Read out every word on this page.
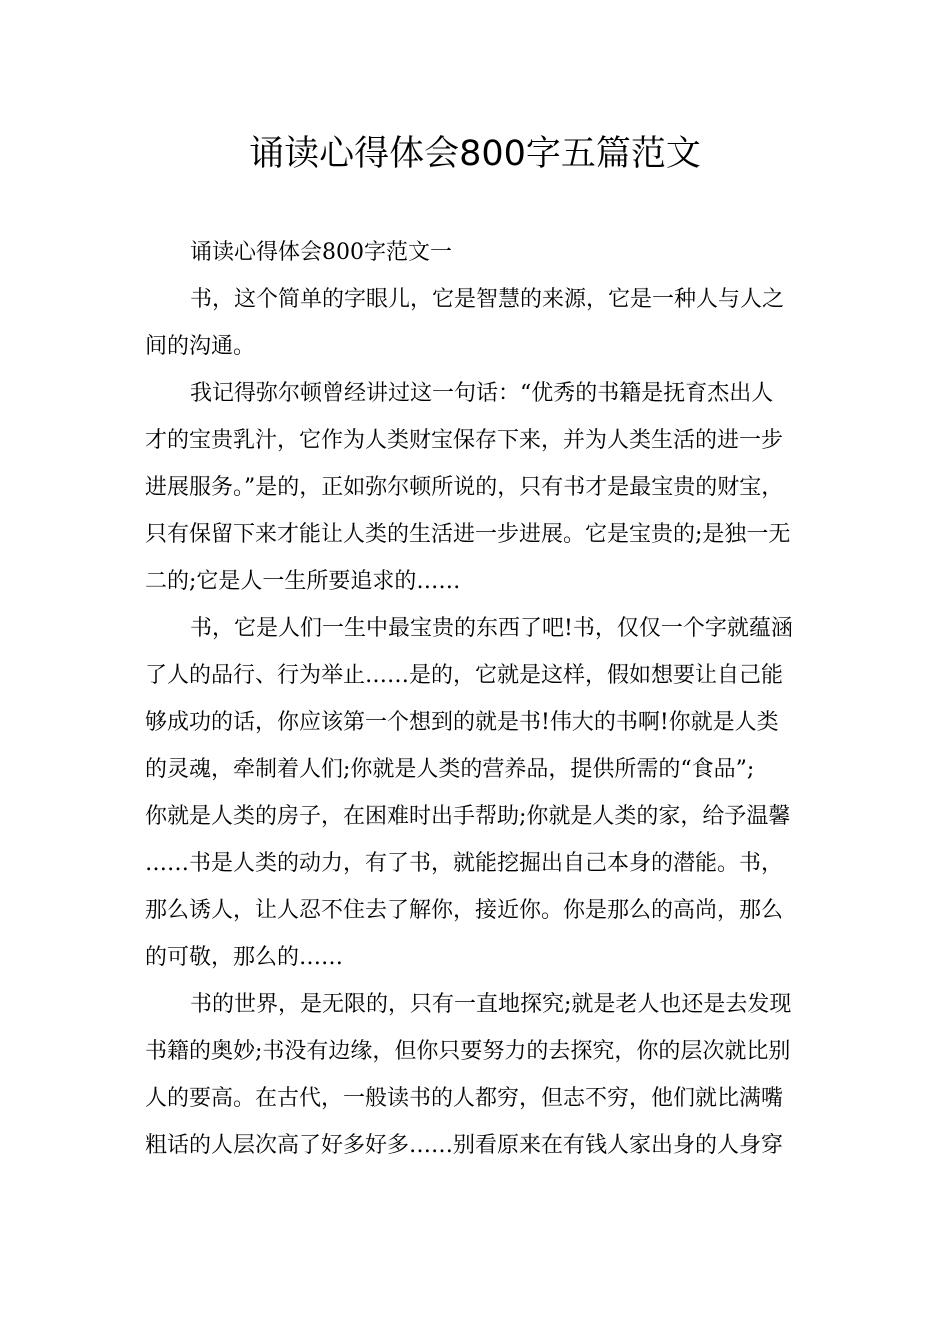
诵读心得体会800字五篇范文
诵读心得体会800字范文一
书，这个简单的字眼儿，它是智慧的来源，它是一种人与人之
间的沟通。
我记得弥尔顿曾经讲过这一句话：“优秀的书籍是抚育杰出人
才的宝贵乳汁，它作为人类财宝保存下来，并为人类生活的进一步
进展服务。”是的，正如弥尔顿所说的，只有书才是最宝贵的财宝，
只有保留下来才能让人类的生活进一步进展。它是宝贵的;是独一无
二的;它是人一生所要追求的……
书，它是人们一生中最宝贵的东西了吧!书，仅仅一个字就蕴涵
了人的品行、行为举止……是的，它就是这样，假如想要让自己能
够成功的话，你应该第一个想到的就是书!伟大的书啊!你就是人类
的灵魂，牵制着人们;你就是人类的营养品，提供所需的“食品”;
你就是人类的房子，在困难时出手帮助;你就是人类的家，给予温馨
……书是人类的动力，有了书，就能挖掘出自己本身的潜能。书，
那么诱人，让人忍不住去了解你，接近你。你是那么的高尚，那么
的可敬，那么的……
书的世界，是无限的，只有一直地探究;就是老人也还是去发现
书籍的奥妙;书没有边缘，但你只要努力的去探究，你的层次就比别
人的要高。在古代，一般读书的人都穷，但志不穷，他们就比满嘴
粗话的人层次高了好多好多……别看原来在有钱人家出身的人身穿
